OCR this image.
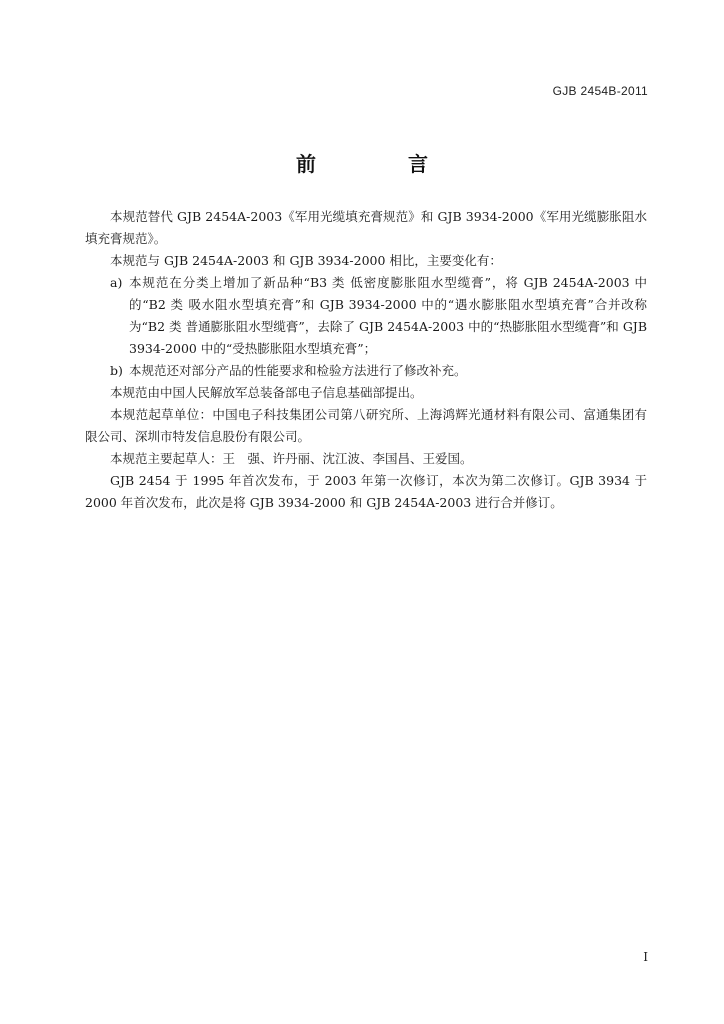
GJB 2454B-2011
前　言

本规范替代 GJB 2454A-2003《军用光缆填充膏规范》和 GJB 3934-2000《军用光缆膨胀阻水填充膏规范》。

本规范与 GJB 2454A-2003 和 GJB 3934-2000 相比，主要变化有：

a) 本规范在分类上增加了新品种“B3 类 低密度膨胀阻水型缆膏”，将 GJB 2454A-2003 中的“B2 类 吸水阻水型填充膏”和 GJB 3934-2000 中的“遇水膨胀阻水型填充膏”合并改称为“B2 类 普通膨胀阻水型缆膏”，去除了 GJB 2454A-2003 中的“热膨胀阻水型缆膏”和 GJB 3934-2000 中的“受热膨胀阻水型填充膏”；
b) 本规范还对部分产品的性能要求和检验方法进行了修改补充。

本规范由中国人民解放军总装备部电子信息基础部提出。

本规范起草单位：中国电子科技集团公司第八研究所、上海鸿辉光通材料有限公司、富通集团有限公司、深圳市特发信息股份有限公司。

本规范主要起草人：王　强、许丹丽、沈江波、李国昌、王爱国。

GJB 2454 于 1995 年首次发布，于 2003 年第一次修订，本次为第二次修订。GJB 3934 于 2000 年首次发布，此次是将 GJB 3934-2000 和 GJB 2454A-2003 进行合并修订。

I
